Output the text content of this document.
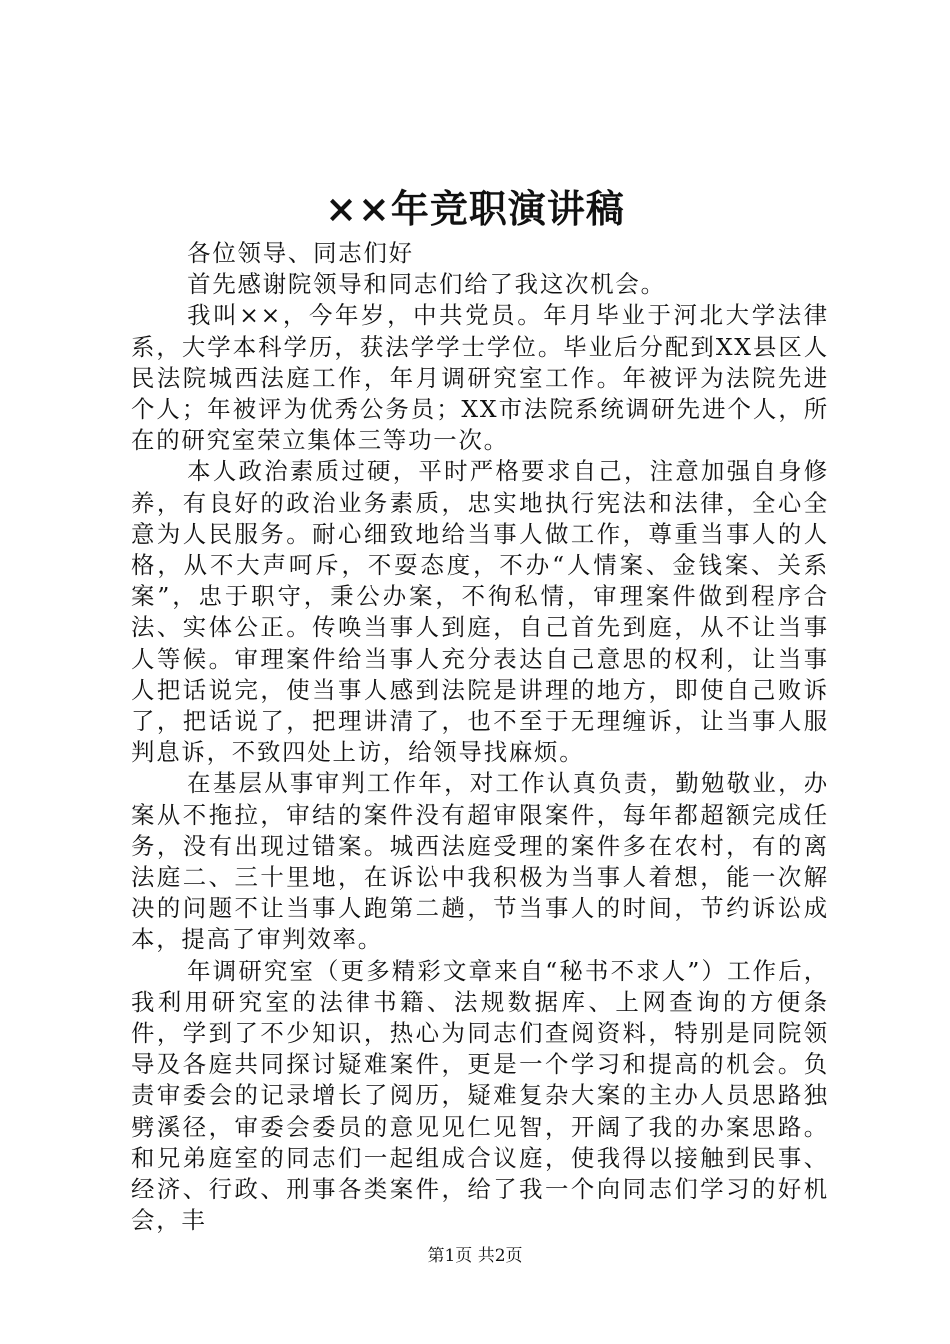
××年竞职演讲稿

各位领导、同志们好

首先感谢院领导和同志们给了我这次机会。

我叫××，今年岁，中共党员。年月毕业于河北大学法律系，大学本科学历，获法学学士学位。毕业后分配到XX县区人民法院城西法庭工作，年月调研究室工作。年被评为法院先进个人；年被评为优秀公务员；XX市法院系统调研先进个人，所在的研究室荣立集体三等功一次。

本人政治素质过硬，平时严格要求自己，注意加强自身修养，有良好的政治业务素质，忠实地执行宪法和法律，全心全意为人民服务。耐心细致地给当事人做工作，尊重当事人的人格，从不大声呵斥，不耍态度，不办“人情案、金钱案、关系案”，忠于职守，秉公办案，不徇私情，审理案件做到程序合法、实体公正。传唤当事人到庭，自己首先到庭，从不让当事人等候。审理案件给当事人充分表达自己意思的权利，让当事人把话说完，使当事人感到法院是讲理的地方，即使自己败诉了，把话说了，把理讲清了，也不至于无理缠诉，让当事人服判息诉，不致四处上访，给领导找麻烦。

在基层从事审判工作年，对工作认真负责，勤勉敬业，办案从不拖拉，审结的案件没有超审限案件，每年都超额完成任务，没有出现过错案。城西法庭受理的案件多在农村，有的离法庭二、三十里地，在诉讼中我积极为当事人着想，能一次解决的问题不让当事人跑第二趟，节当事人的时间，节约诉讼成本，提高了审判效率。

年调研究室（更多精彩文章来自“秘书不求人”）工作后，我利用研究室的法律书籍、法规数据库、上网查询的方便条件，学到了不少知识，热心为同志们查阅资料，特别是同院领导及各庭共同探讨疑难案件，更是一个学习和提高的机会。负责审委会的记录增长了阅历，疑难复杂大案的主办人员思路独劈溪径，审委会委员的意见见仁见智，开阔了我的办案思路。和兄弟庭室的同志们一起组成合议庭，使我得以接触到民事、经济、行政、刑事各类案件，给了我一个向同志们学习的好机会，丰

第1页 共2页
